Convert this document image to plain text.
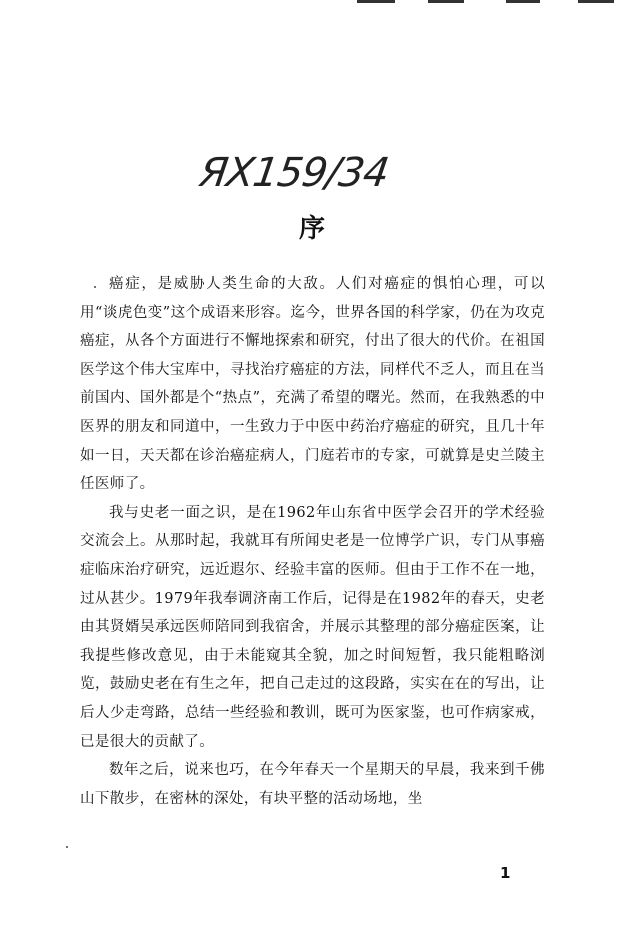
ЯХ159/34
序

癌症，是威胁人类生命的大敌。人们对癌症的惧怕心理，可以用“谈虎色变”这个成语来形容。迄今，世界各国的科学家，仍在为攻克癌症，从各个方面进行不懈地探索和研究，付出了很大的代价。在祖国医学这个伟大宝库中，寻找治疗癌症的方法，同样代不乏人，而且在当前国内、国外都是个“热点”，充满了希望的曙光。然而，在我熟悉的中医界的朋友和同道中，一生致力于中医中药治疗癌症的研究，且几十年如一日，天天都在诊治癌症病人，门庭若市的专家，可就算是史兰陵主任医师了。

我与史老一面之识，是在1962年山东省中医学会召开的学术经验交流会上。从那时起，我就耳有所闻史老是一位博学广识，专门从事癌症临床治疗研究，远近遐尔、经验丰富的医师。但由于工作不在一地，过从甚少。1979年我奉调济南工作后，记得是在1982年的春天，史老由其贤婿吴承远医师陪同到我宿舍，并展示其整理的部分癌症医案，让我提些修改意见，由于未能窥其全貌，加之时间短暂，我只能粗略浏览，鼓励史老在有生之年，把自己走过的这段路，实实在在的写出，让后人少走弯路，总结一些经验和教训，既可为医家鉴，也可作病家戒，已是很大的贡献了。

数年之后，说来也巧，在今年春天一个星期天的早晨，我来到千佛山下散步，在密林的深处，有块平整的活动场地，坐

1
